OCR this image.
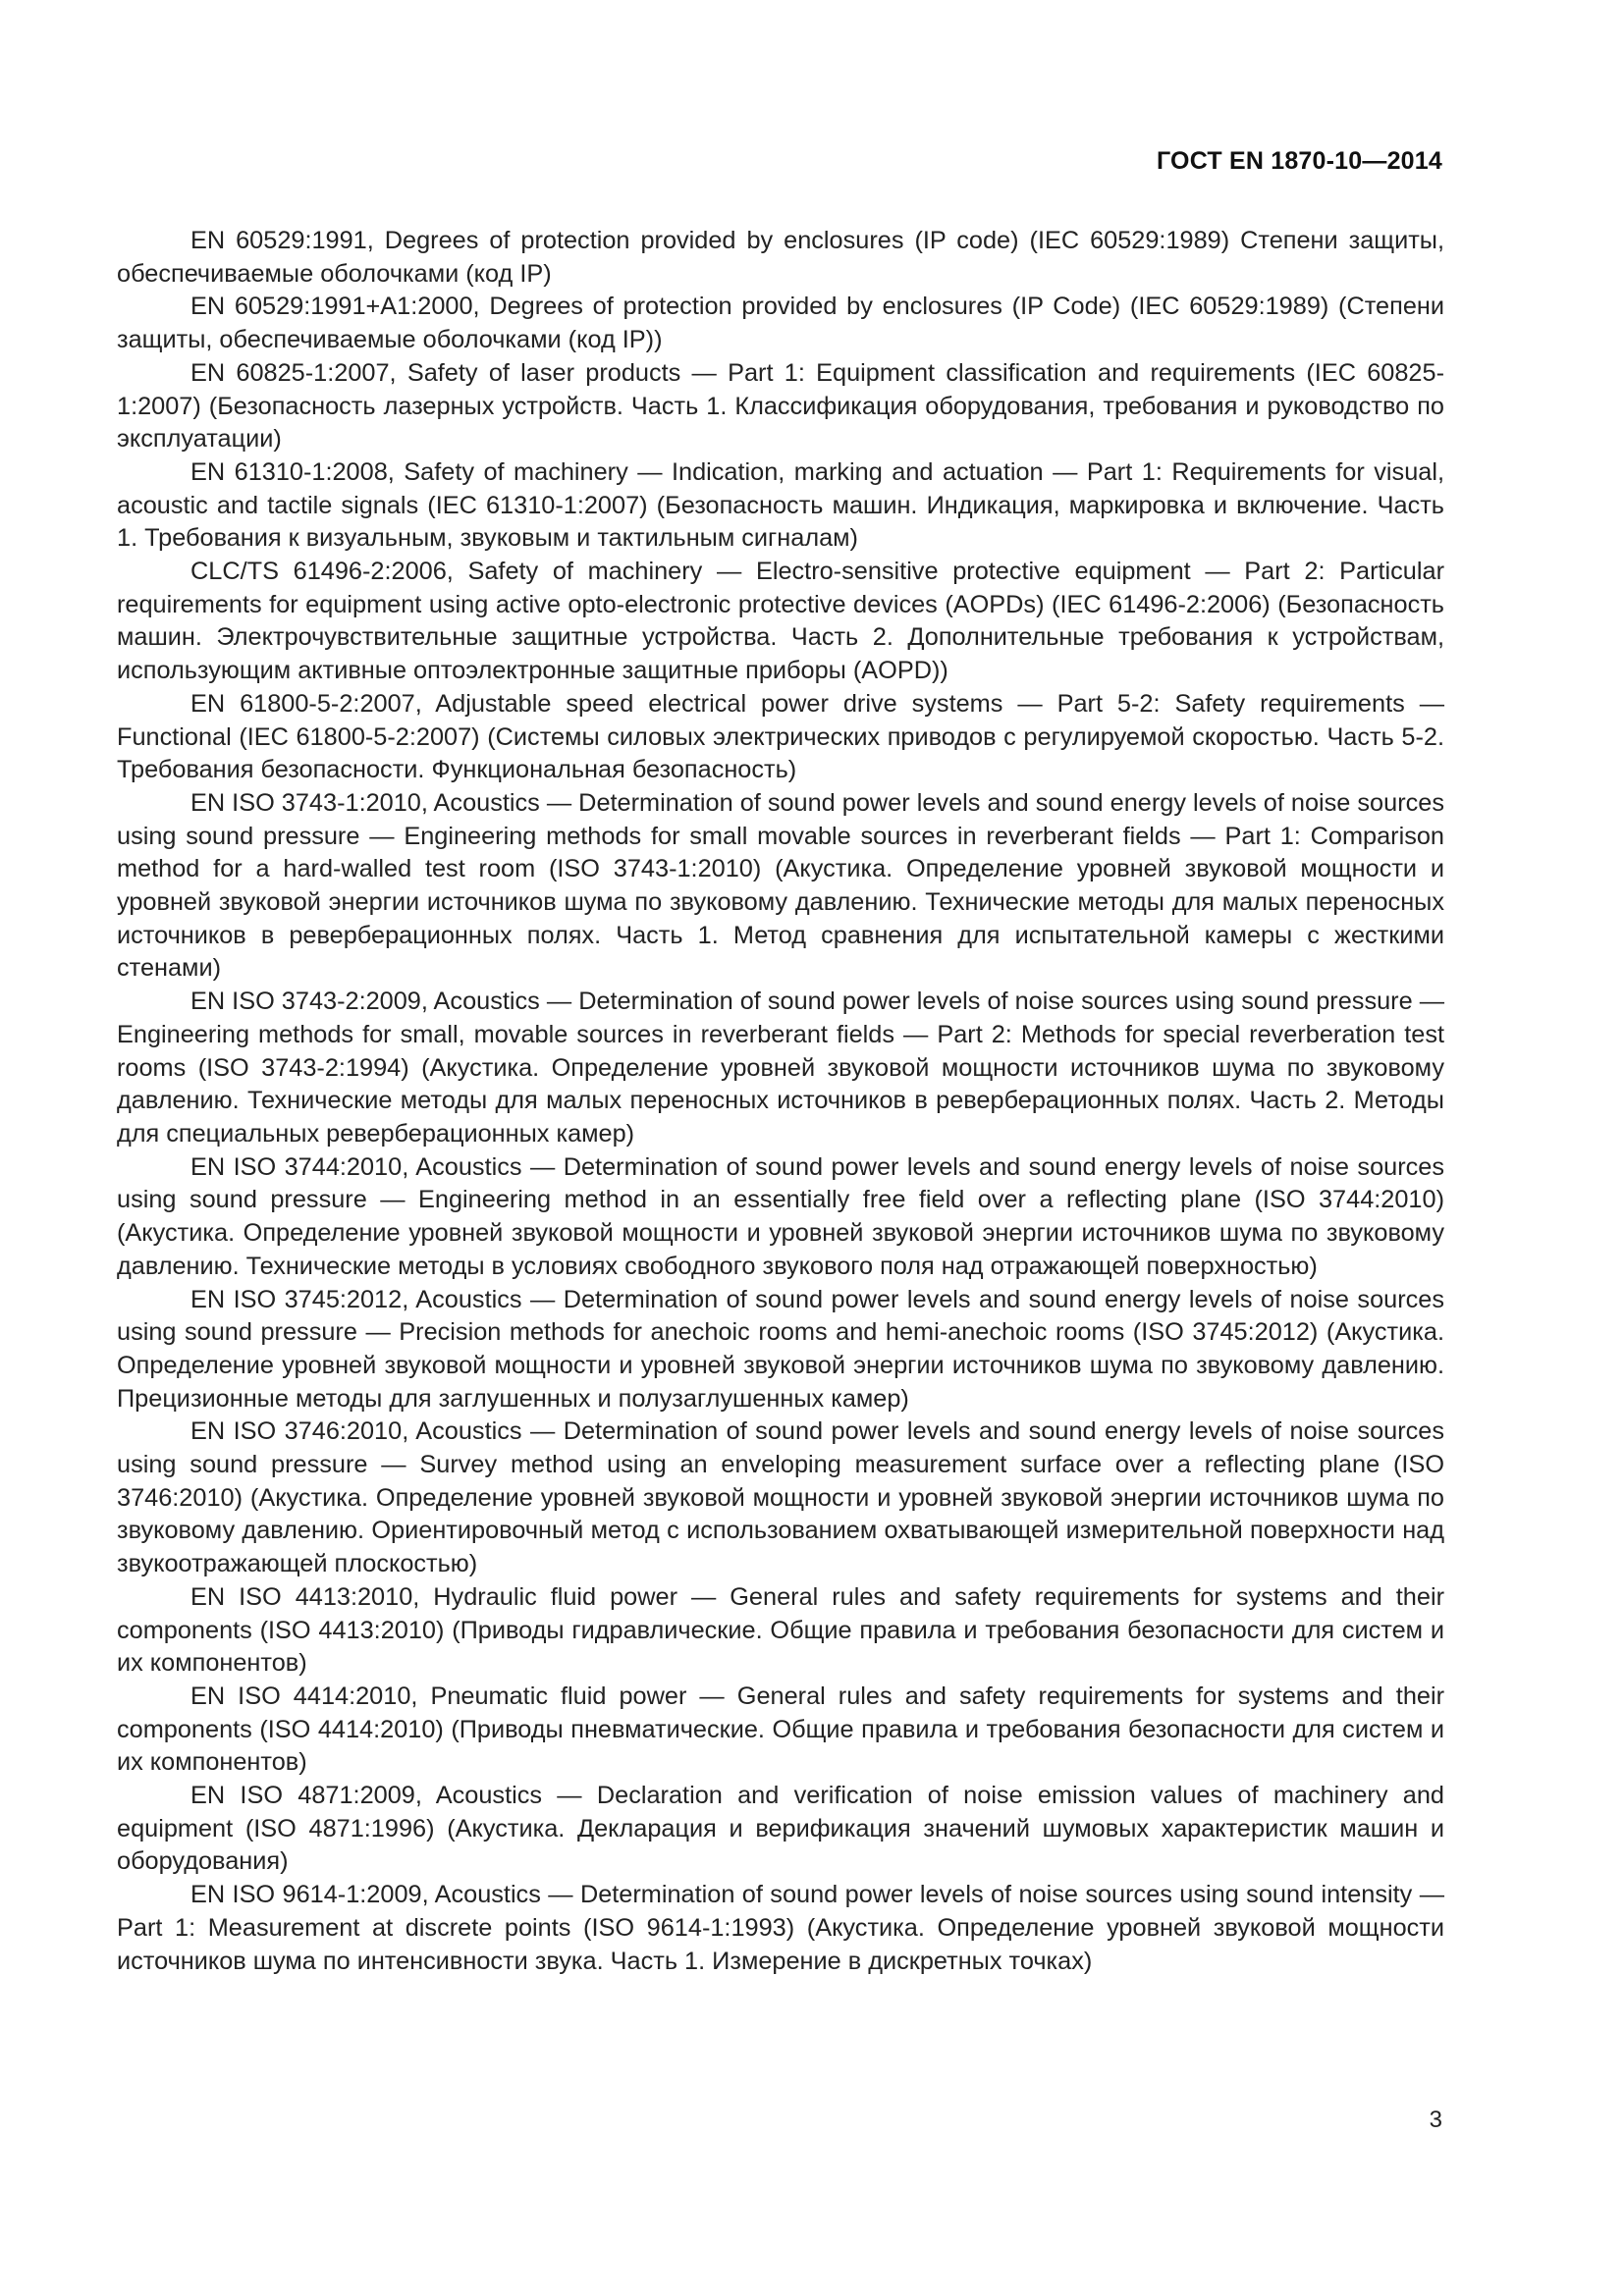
ГОСТ EN 1870-10—2014

EN 60529:1991, Degrees of protection provided by enclosures (IP code) (IEC 60529:1989) Степени защиты, обеспечиваемые оболочками (код IP)

EN 60529:1991+A1:2000, Degrees of protection provided by enclosures (IP Code) (IEC 60529:1989) (Степени защиты, обеспечиваемые оболочками (код IP))

EN 60825-1:2007, Safety of laser products — Part 1: Equipment classification and requirements (IEC 60825-1:2007) (Безопасность лазерных устройств. Часть 1. Классификация оборудования, требования и руководство по эксплуатации)

EN 61310-1:2008, Safety of machinery — Indication, marking and actuation — Part 1: Requirements for visual, acoustic and tactile signals (IEC 61310-1:2007) (Безопасность машин. Индикация, маркировка и включение. Часть 1. Требования к визуальным, звуковым и тактильным сигналам)

CLC/TS 61496-2:2006, Safety of machinery — Electro-sensitive protective equipment — Part 2: Particular requirements for equipment using active opto-electronic protective devices (AOPDs) (IEC 61496-2:2006) (Безопасность машин. Электрочувствительные защитные устройства. Часть 2. Дополнительные требования к устройствам, использующим активные оптоэлектронные защитные приборы (AOPD))

EN 61800-5-2:2007, Adjustable speed electrical power drive systems — Part 5-2: Safety requirements — Functional (IEC 61800-5-2:2007) (Системы силовых электрических приводов с регулируемой скоростью. Часть 5-2. Требования безопасности. Функциональная безопасность)

EN ISO 3743-1:2010, Acoustics — Determination of sound power levels and sound energy levels of noise sources using sound pressure — Engineering methods for small movable sources in reverberant fields — Part 1: Comparison method for a hard-walled test room (ISO 3743-1:2010) (Акустика. Определение уровней звуковой мощности и уровней звуковой энергии источников шума по звуковому давлению. Технические методы для малых переносных источников в реверберационных полях. Часть 1. Метод сравнения для испытательной камеры с жесткими стенами)

EN ISO 3743-2:2009, Acoustics — Determination of sound power levels of noise sources using sound pressure — Engineering methods for small, movable sources in reverberant fields — Part 2: Methods for special reverberation test rooms (ISO 3743-2:1994) (Акустика. Определение уровней звуковой мощности источников шума по звуковому давлению. Технические методы для малых переносных источников в реверберационных полях. Часть 2. Методы для специальных реверберационных камер)

EN ISO 3744:2010, Acoustics — Determination of sound power levels and sound energy levels of noise sources using sound pressure — Engineering method in an essentially free field over a reflecting plane (ISO 3744:2010) (Акустика. Определение уровней звуковой мощности и уровней звуковой энергии источников шума по звуковому давлению. Технические методы в условиях свободного звукового поля над отражающей поверхностью)

EN ISO 3745:2012, Acoustics — Determination of sound power levels and sound energy levels of noise sources using sound pressure — Precision methods for anechoic rooms and hemi-anechoic rooms (ISO 3745:2012) (Акустика. Определение уровней звуковой мощности и уровней звуковой энергии источников шума по звуковому давлению. Прецизионные методы для заглушенных и полузаглушенных камер)

EN ISO 3746:2010, Acoustics — Determination of sound power levels and sound energy levels of noise sources using sound pressure — Survey method using an enveloping measurement surface over a reflecting plane (ISO 3746:2010) (Акустика. Определение уровней звуковой мощности и уровней звуковой энергии источников шума по звуковому давлению. Ориентировочный метод с использованием охватывающей измерительной поверхности над звукоотражающей плоскостью)

EN ISO 4413:2010, Hydraulic fluid power — General rules and safety requirements for systems and their components (ISO 4413:2010) (Приводы гидравлические. Общие правила и требования безопасности для систем и их компонентов)

EN ISO 4414:2010, Pneumatic fluid power — General rules and safety requirements for systems and their components (ISO 4414:2010) (Приводы пневматические. Общие правила и требования безопасности для систем и их компонентов)

EN ISO 4871:2009, Acoustics — Declaration and verification of noise emission values of machinery and equipment (ISO 4871:1996) (Акустика. Декларация и верификация значений шумовых характеристик машин и оборудования)

EN ISO 9614-1:2009, Acoustics — Determination of sound power levels of noise sources using sound intensity — Part 1: Measurement at discrete points (ISO 9614-1:1993) (Акустика. Определение уровней звуковой мощности источников шума по интенсивности звука. Часть 1. Измерение в дискретных точках)

3
